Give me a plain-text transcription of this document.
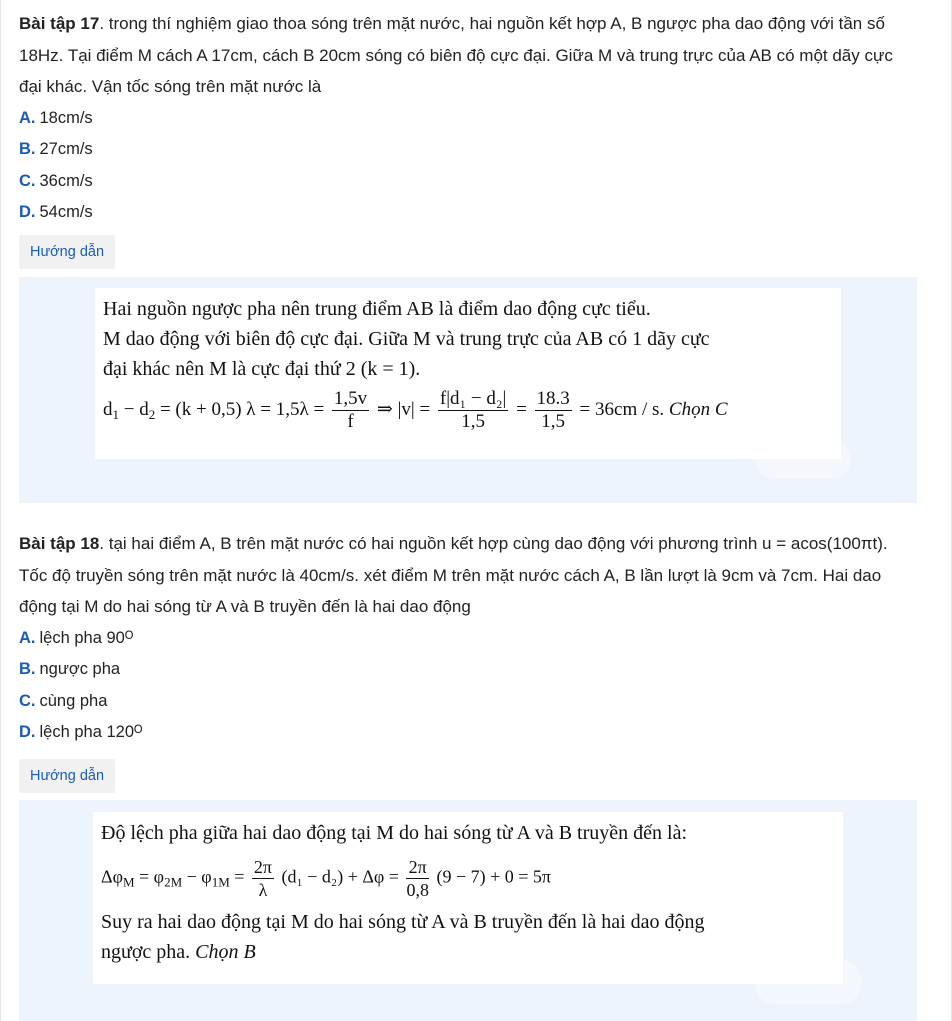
Bài tập 17. trong thí nghiệm giao thoa sóng trên mặt nước, hai nguồn kết hợp A, B ngược pha dao động với tần số 18Hz. Tại điểm M cách A 17cm, cách B 20cm sóng có biên độ cực đại. Giữa M và trung trực của AB có một dãy cực đại khác. Vận tốc sóng trên mặt nước là

A. 18cm/s

B. 27cm/s

C. 36cm/s

D. 54cm/s

Hướng dẫn

Hai nguồn ngược pha nên trung điểm AB là điểm dao động cực tiểu.

M dao động với biên độ cực đại. Giữa M và trung trực của AB có 1 dãy cực

đại khác nên M là cực đại thứ 2 (k = 1).

$d_1 - d_2 = (k + 0,5) \lambda = 1,5\lambda = \frac{1,5v}{f}$ ⇒ $|v| = \frac{\text{f|d₁ − d₂|}}{1,5} = \frac{18.3}{1,5} = 36cm / s$. Chọn C

Bài tập 18. tại hai điểm A, B trên mặt nước có hai nguồn kết hợp cùng dao động với phương trình u = acos(100πt). Tốc độ truyền sóng trên mặt nước là 40cm/s. xét điểm M trên mặt nước cách A, B lần lượt là 9cm và 7cm. Hai dao động tại M do hai sóng từ A và B truyền đến là hai dao động

A. lệch pha 90ᴼ

B. ngược pha

C. cùng pha

D. lệch pha 120ᴼ

Hướng dẫn

Độ lệch pha giữa hai dao động tại M do hai sóng từ A và B truyền đến là:

$\Delta\varphi_M = \varphi_{2M} - \varphi_{1M} = \frac{2\pi}{\lambda} (d_1 - d_2) + \Delta\varphi = \frac{2\pi}{0,8} (9 - 7) + 0 = 5\pi$

Suy ra hai dao động tại M do hai sóng từ A và B truyền đến là hai dao động

ngược pha. Chọn B
